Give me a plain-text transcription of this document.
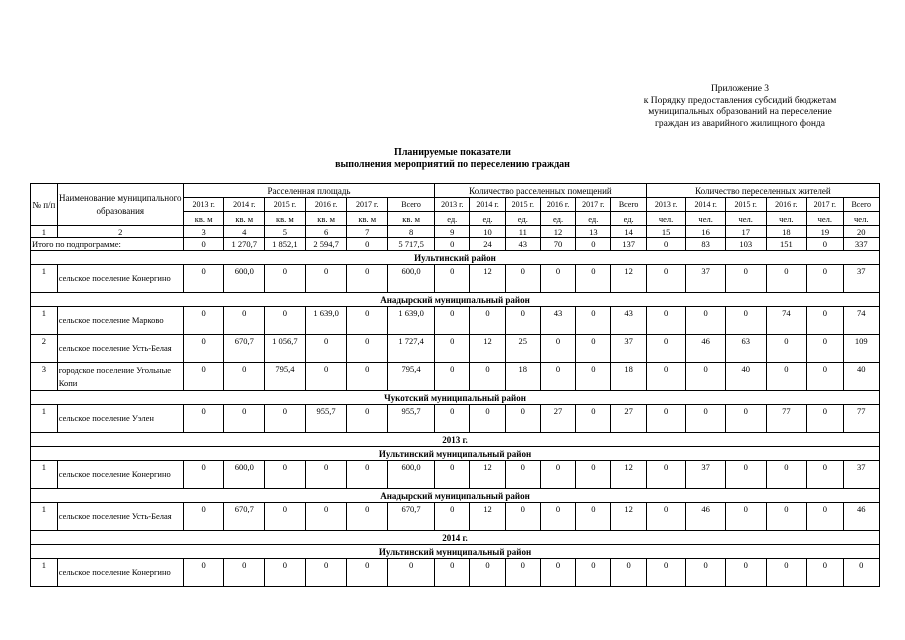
Приложение 3
к Порядку предоставления субсидий бюджетам
муниципальных образований на переселение
граждан из аварийного жилищного фонда
Планируемые показатели
выполнения мероприятий по переселению граждан
№ п/п	Наименование муниципального образования	Расселенная площадь						Количество расселенных помещений						Количество переселенных жителей					
		2013 г.	2014 г.	2015 г.	2016 г.	2017 г.	Всего	2013 г.	2014 г.	2015 г.	2016 г.	2017 г.	Всего	2013 г.	2014 г.	2015 г.	2016 г.	2017 г.	Всего
		кв. м	кв. м	кв. м	кв. м	кв. м	кв. м	ед.	ед.	ед.	ед.	ед.	ед.	чел.	чел.	чел.	чел.	чел.	чел.
1	2	3	4	5	6	7	8	9	10	11	12	13	14	15	16	17	18	19	20
Итого по подпрограмме:		0	1 270,7	1 852,1	2 594,7	0	5 717,5	0	24	43	70	0	137	0	83	103	151	0	337
Иультинский район																			
1	сельское поселение Конергино	0	600,0	0	0	0	600,0	0	12	0	0	0	12	0	37	0	0	0	37
Анадырский муниципальный район																			
1	сельское поселение Марково	0	0	0	1 639,0	0	1 639,0	0	0	0	43	0	43	0	0	0	74	0	74
2	сельское поселение Усть-Белая	0	670,7	1 056,7	0	0	1 727,4	0	12	25	0	0	37	0	46	63	0	0	109
3	городское поселение Угольные Копи	0	0	795,4	0	0	795,4	0	0	18	0	0	18	0	0	40	0	0	40
Чукотский муниципальный район																			
1	сельское поселение Уэлен	0	0	0	955,7	0	955,7	0	0	0	27	0	27	0	0	0	77	0	77
2013 г.																			
Иультинский муниципальный район																			
1	сельское поселение Конергино	0	600,0	0	0	0	600,0	0	12	0	0	0	12	0	37	0	0	0	37
Анадырский муниципальный район																			
1	сельское поселение Усть-Белая	0	670,7	0	0	0	670,7	0	12	0	0	0	12	0	46	0	0	0	46
2014 г.																			
Иультинский муниципальный район																			
1	сельское поселение Конергино	0	0	0	0	0	0	0	0	0	0	0	0	0	0	0	0	0	0
